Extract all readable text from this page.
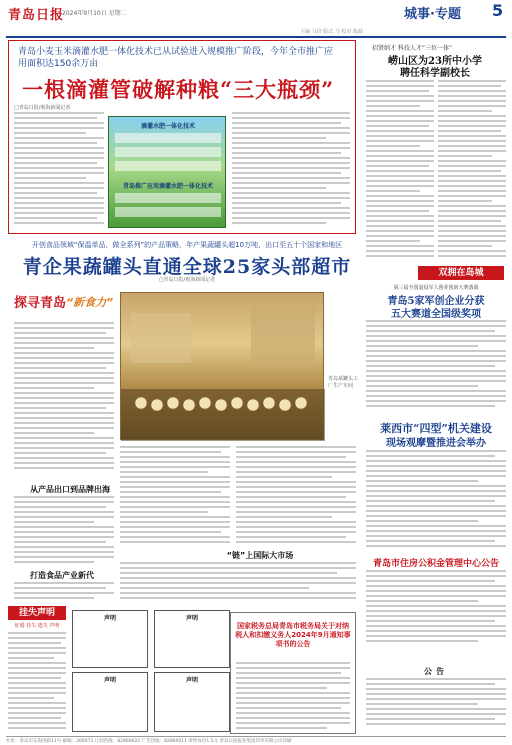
青岛日报
2024年9月10日 星期二
主编 马培 版式 马 校对 陈源
城事·专题 5
青岛小麦玉米滴灌水肥一体化技术已从试验进入规模推广阶段，今年全市推广应用面积达150余万亩
一根滴灌管破解种粮“三大瓶颈”
□青岛日报/观海新闻记者
滴灌水肥一体化技术
青岛推广应用滴灌水肥一体化技术
招贤纳才 科技人才“三位一体”
崂山区为23所中小学
聘任科学副校长
双拥在岛城
第三届全国退役军人创业创新大赛落幕
青岛5家军创企业分获
五大赛道全国级奖项
莱西市“四型”机关建设
现场观摩暨推进会举办
青岛市住房公积金管理中心公告
公告
开创食品领域“保温单品，做全系列”的产品策略，年产果蔬罐头超10万吨，出口至五十个国家和地区
青企果蔬罐头直通全球25家头部超市
□青岛日报/观海新闻记者
探寻青岛 “新食力”
青岛某罐头工厂生产车间
从产品出口到品牌出海
打造食品产业新代
“链”上国际大市场
挂失声明
征婚 挂失 遗失 声明
声明	声明
声明	声明
国家税务总局青岛市税务局关于对纳税人和扣缴义务人2024年9月通知事项书的公告
社址：青岛市东海西路11号 邮编：266071 订阅热线：82860022 广告热线：82860011 零售每份1.5元 青岛日报报业集团印务有限公司印刷
